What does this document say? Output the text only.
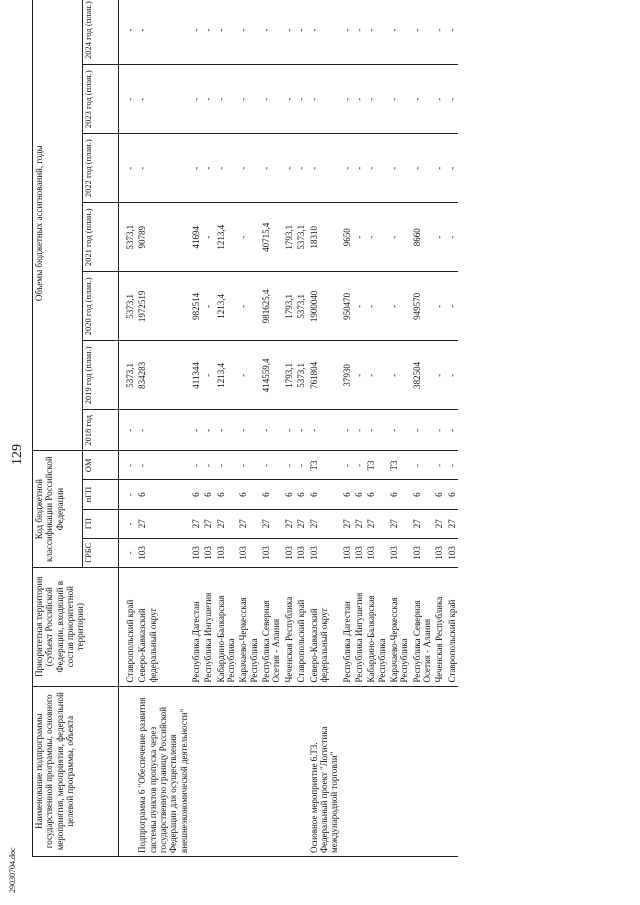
129
29030704.doc
Наименование подпрограммы государственной программы, основного мероприятия, мероприятия, федеральной целевой программы, объекта	Приоритетная территория (субъект Российской Федерации, входящий в состав приоритетной территории)	Код бюджетной классификации Российской Федерации				Объемы бюджетных ассигнований, годы						
		ГРБС	ГП	пГП	ОМ	2018 год	2019 год (план.)	2020 год (план.)	2021 год (план.)	2022 год (план.)	2023 год (план.)	2024 год (план.)
	Ставропольский край	-	-	-	-	-	5373,1	5373,1	5373,1	-	-	-
Подпрограмма 6 "Обеспечение развития системы пунктов пропуска через государственную границу Российской Федерации для осуществления внешнеэкономической деятельности"	Северо-Кавказский федеральный округ	103	27	6	-	-	834283	1972519	90789	-	-	-
	Республика Дагестан	103	27	6	-	-	411344	982514	41694	-	-	-
	Республика Ингушетия	103	27	6	-	-	-	-	-	-	-	-
	Кабардино-Балкарская Республика	103	27	6	-	-	1213,4	1213,4	1213,4	-	-	-
	Карачаево-Черкесская Республика	103	27	6	-	-	-	-	-	-	-	-
	Республика Северная Осетия - Алания	103	27	6	-	-	414559,4	981625,4	40715,4	-	-	-
	Чеченская Республика	103	27	6	-	-	1793,1	1793,1	1793,1	-	-	-
	Ставропольский край	103	27	6	-	-	5373,1	5373,1	5373,1	-	-	-
Основное мероприятие 6.Т3. Федеральный проект "Логистика международной торговли"	Северо-Кавказский федеральный округ	103	27	6	Т3	-	761804	1900040	18310	-	-	-
	Республика Дагестан	103	27	6	-	-	37930	950470	9650	-	-	-
	Республика Ингушетия	103	27	6	-	-	-	-	-	-	-	-
	Кабардино-Балкарская Республика	103	27	6	Т3	-	-	-	-	-	-	-
	Карачаево-Черкесская Республика	103	27	6	Т3	-	-	-	-	-	-	-
	Республика Северная Осетия - Алания	103	27	6	-	-	382504	949570	8660	-	-	-
	Чеченская Республика	103	27	6	-	-	-	-	-	-	-	-
	Ставропольский край	103	27	6	-	-	-	-	-	-	-	-
